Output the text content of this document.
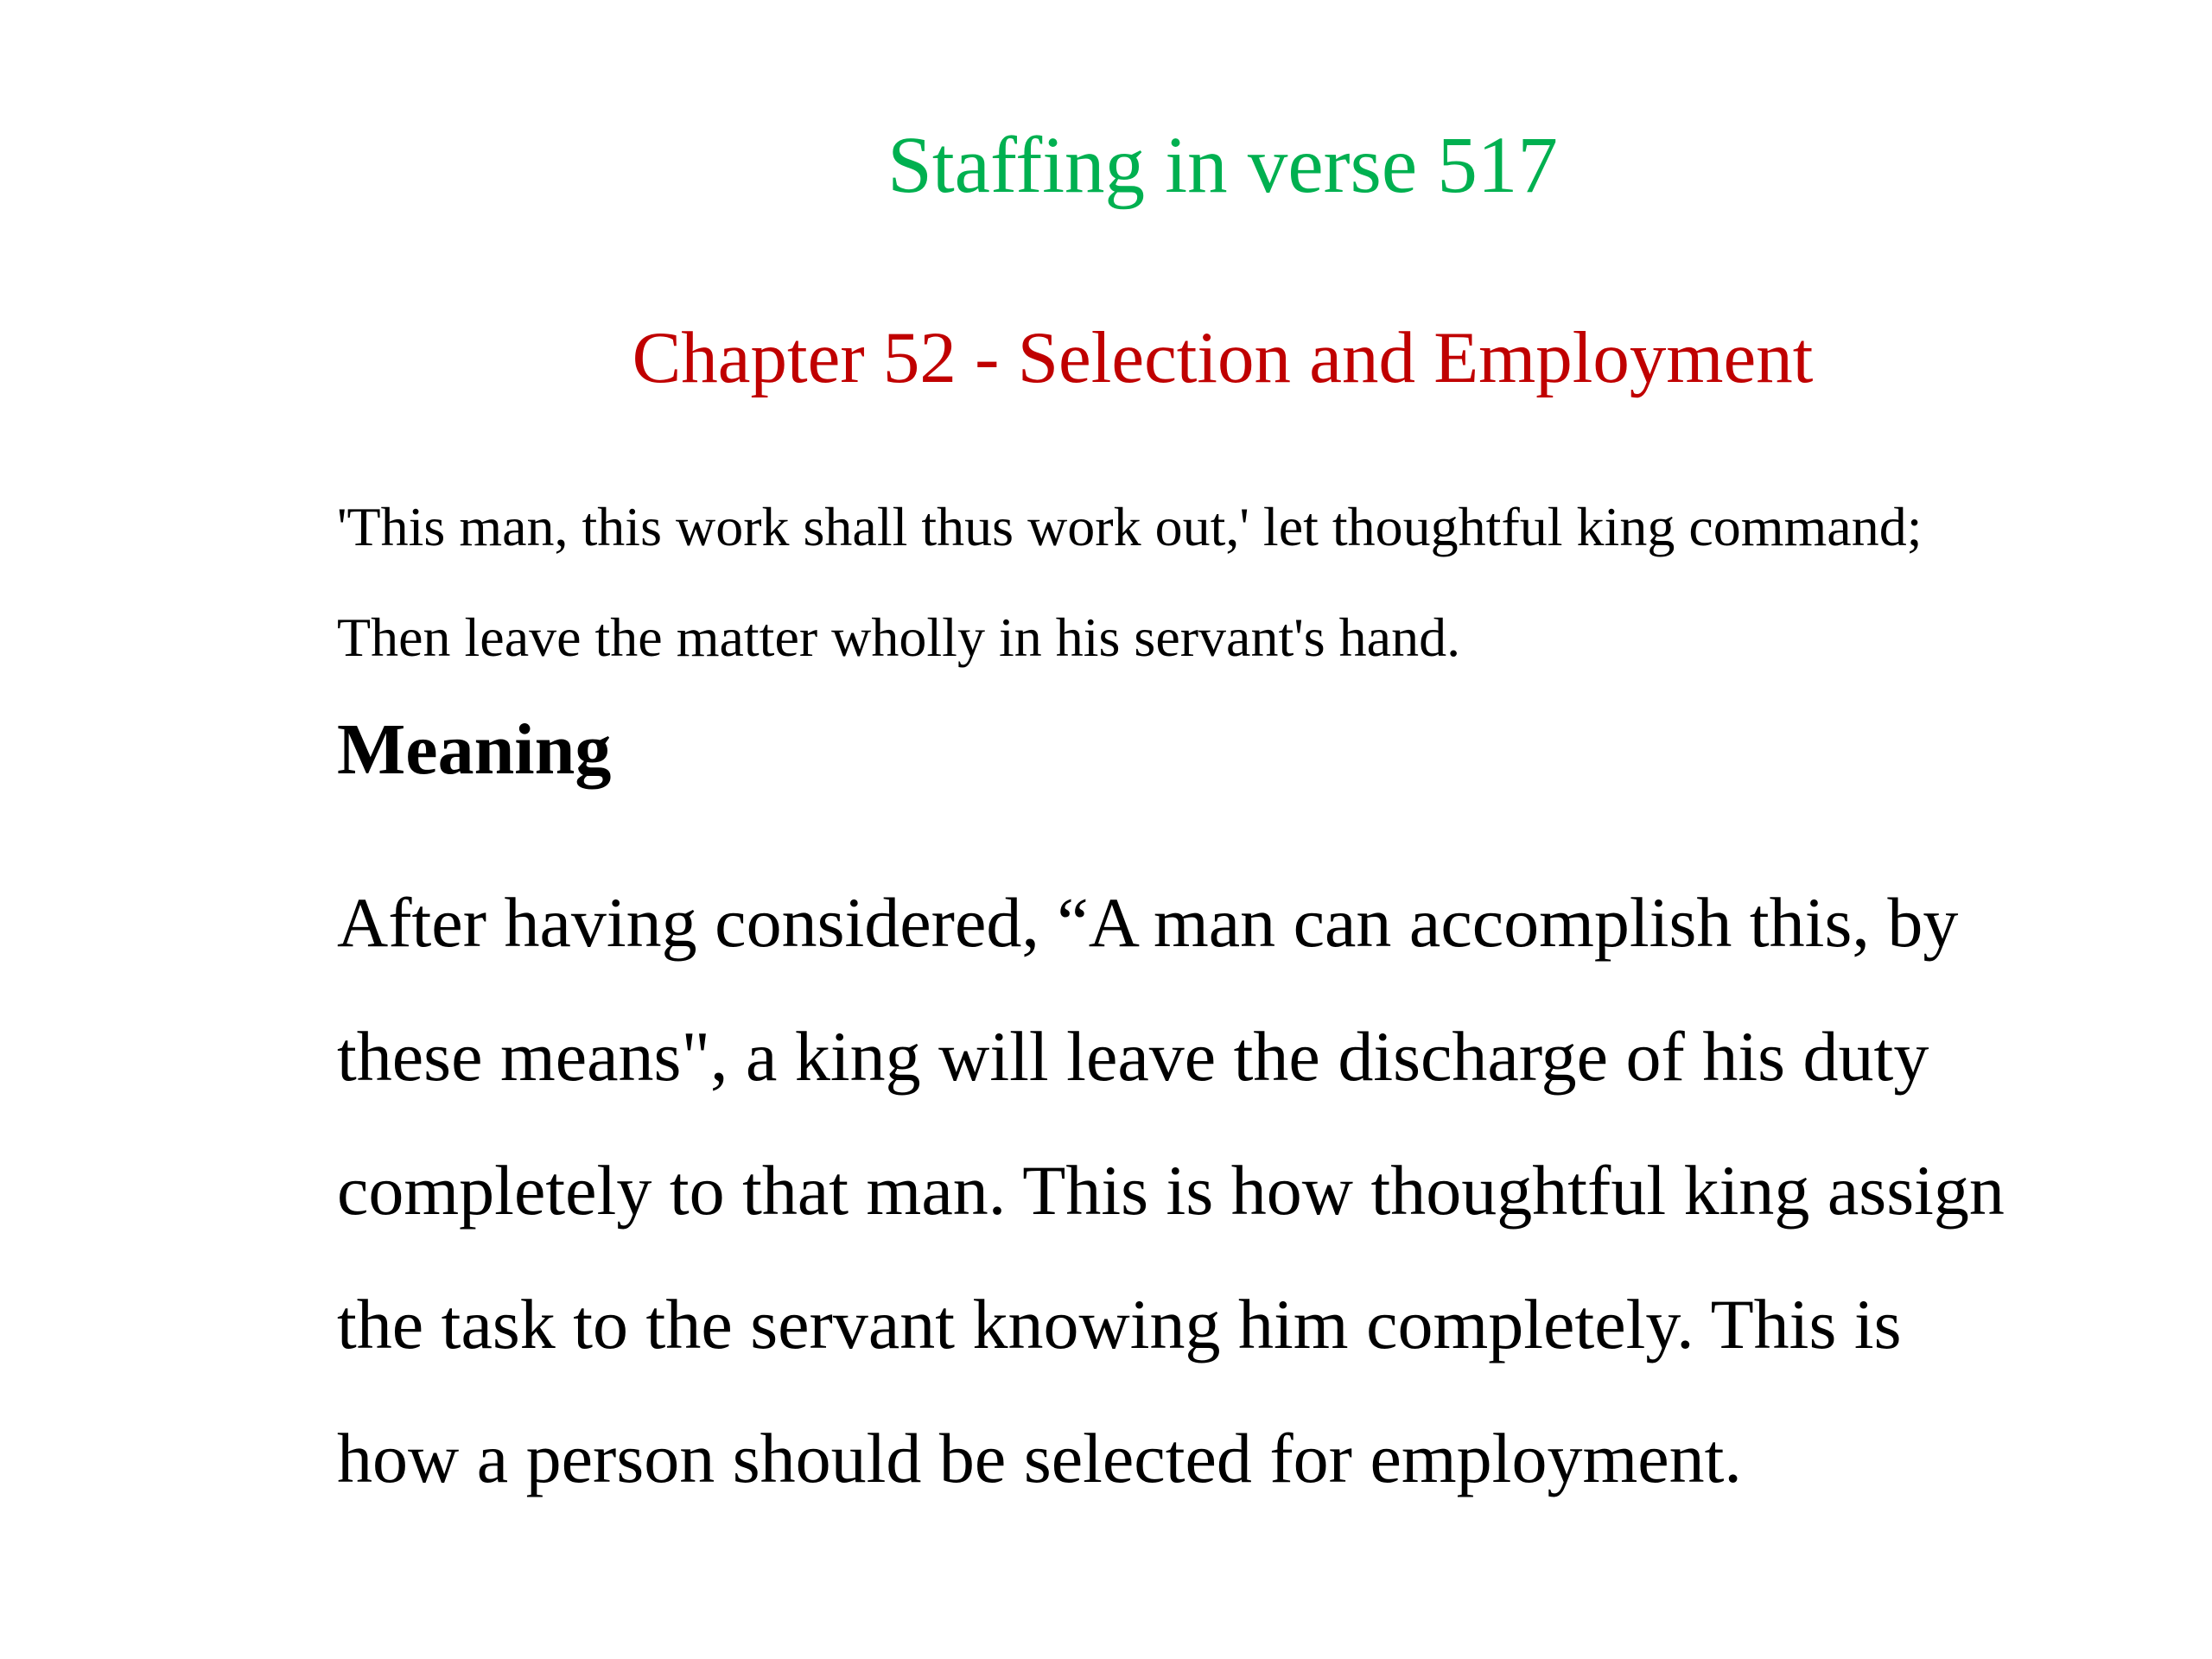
Staffing in verse 517
Chapter 52 - Selection and Employment
'This man, this work shall thus work out,' let thoughtful king command;
Then leave the matter wholly in his servant's hand.
Meaning
After having considered, “A man can accomplish this, by
these means", a king will leave the discharge of his duty
completely to that man. This is how thoughtful king assign
the task to the servant knowing him completely. This is
how a person should be selected for employment.
